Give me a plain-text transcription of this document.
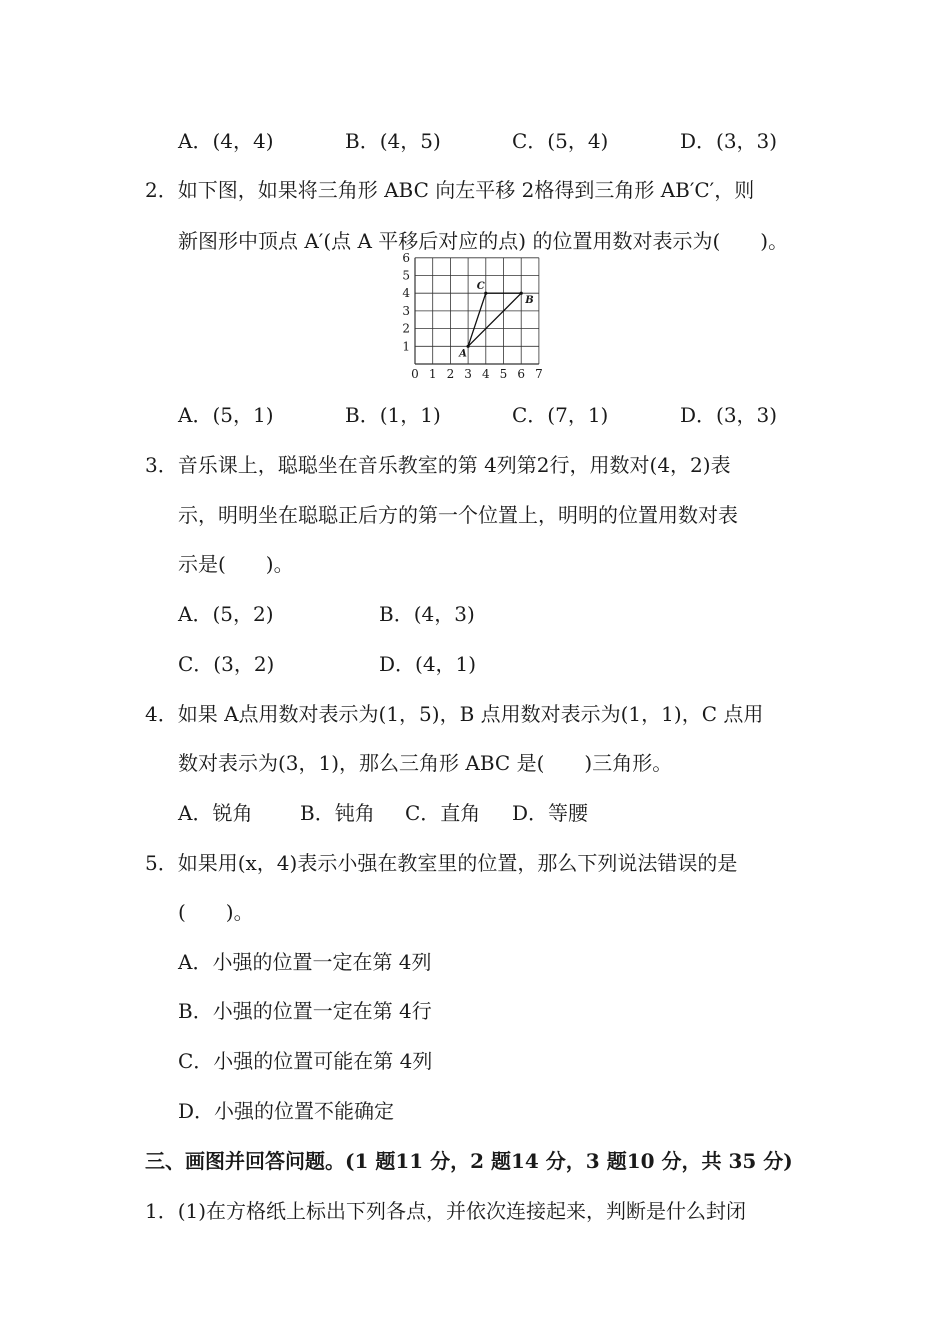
A．(4，4)	B．(4，5)	C．(5，4)	D．(3，3)
2．如下图，如果将三角形 ABC 向左平移 2格得到三角形 AB′C′，则
新图形中顶点 A′(点 A 平移后对应的点) 的位置用数对表示为(　　)。
0 1 2 3 4 5 6 7
1
2
3
4
5
6
A
B
C
A．(5，1)	B．(1，1)	C．(7，1)	D．(3，3)
3．音乐课上，聪聪坐在音乐教室的第 4列第2行，用数对(4，2)表
示，明明坐在聪聪正后方的第一个位置上，明明的位置用数对表
示是(　　)。
A．(5，2)	B．(4，3)
C．(3，2)	D．(4，1)
4．如果 A点用数对表示为(1，5)，B 点用数对表示为(1，1)，C 点用
数对表示为(3，1)，那么三角形 ABC 是(　　)三角形。
A．锐角 B．钝角 C．直角 D．等腰
5．如果用(x，4)表示小强在教室里的位置，那么下列说法错误的是
(　　)。
A．小强的位置一定在第 4列
B．小强的位置一定在第 4行
C．小强的位置可能在第 4列
D．小强的位置不能确定
三、画图并回答问题。(1 题11 分，2 题14 分，3 题10 分，共 35 分)
1．(1)在方格纸上标出下列各点，并依次连接起来，判断是什么封闭
